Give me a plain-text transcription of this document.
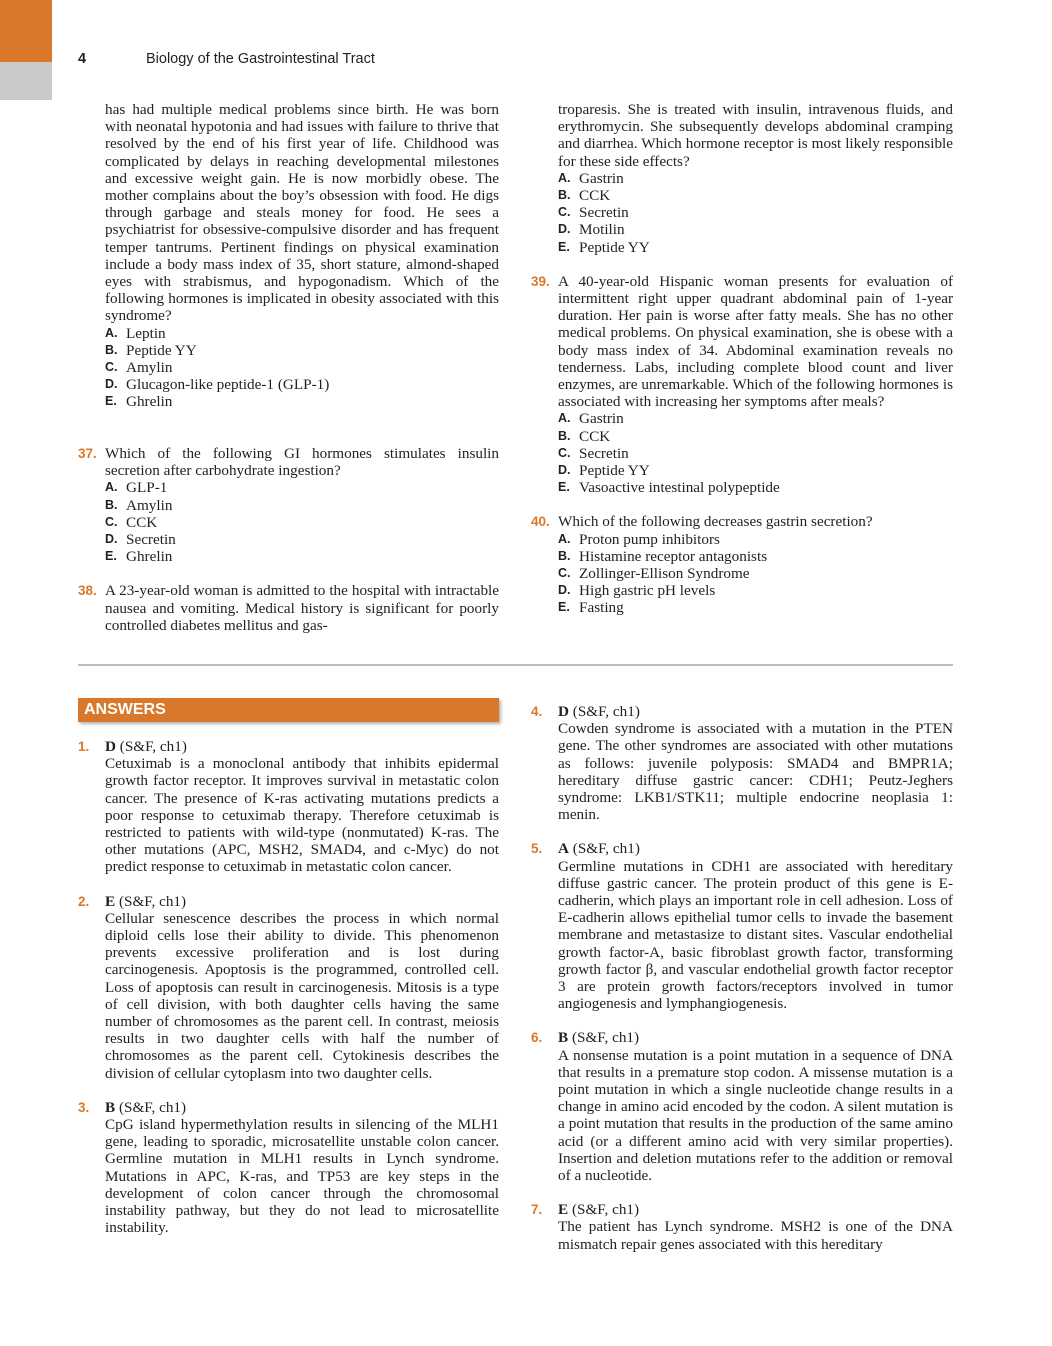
4	Biology of the Gastrointestinal Tract

has had multiple medical problems since birth. He was born with neonatal hypotonia and had issues with failure to thrive that resolved by the end of his first year of life. Childhood was complicated by delays in reaching developmental milestones and excessive weight gain. He is now morbidly obese. The mother complains about the boy’s obsession with food. He digs through garbage and steals money for food. He sees a psychiatrist for obsessive-compulsive disorder and has frequent temper tantrums. Pertinent findings on physical examination include a body mass index of 35, short stature, almond-shaped eyes with strabismus, and hypogonadism. Which of the following hormones is implicated in obesity associated with this syndrome?

A. Leptin
B. Peptide YY
C. Amylin
D. Glucagon-like peptide-1 (GLP-1)
E. Ghrelin
37. Which of the following GI hormones stimulates insulin secretion after carbohydrate ingestion?

A. GLP-1
B. Amylin
C. CCK
D. Secretin
E. Ghrelin
38. A 23-year-old woman is admitted to the hospital with intractable nausea and vomiting. Medical history is significant for poorly controlled diabetes mellitus and gas-

troparesis. She is treated with insulin, intravenous fluids, and erythromycin. She subsequently develops abdominal cramping and diarrhea. Which hormone receptor is most likely responsible for these side effects?

A. Gastrin
B. CCK
C. Secretin
D. Motilin
E. Peptide YY
39. A 40-year-old Hispanic woman presents for evaluation of intermittent right upper quadrant abdominal pain of 1-year duration. Her pain is worse after fatty meals. She has no other medical problems. On physical examination, she is obese with a body mass index of 34. Abdominal examination reveals no tenderness. Labs, including complete blood count and liver enzymes, are unremarkable. Which of the following hormones is associated with increasing her symptoms after meals?

A. Gastrin
B. CCK
C. Secretin
D. Peptide YY
E. Vasoactive intestinal polypeptide
40. Which of the following decreases gastrin secretion?

A. Proton pump inhibitors
B. Histamine receptor antagonists
C. Zollinger-Ellison Syndrome
D. High gastric pH levels
E. Fasting
ANSWERS
1. D (S&F, ch1)

Cetuximab is a monoclonal antibody that inhibits epidermal growth factor receptor. It improves survival in metastatic colon cancer. The presence of K-ras activating mutations predicts a poor response to cetuximab therapy. Therefore cetuximab is restricted to patients with wild-type (nonmutated) K-ras. The other mutations (APC, MSH2, SMAD4, and c-Myc) do not predict response to cetuximab in metastatic colon cancer.

2. E (S&F, ch1)

Cellular senescence describes the process in which normal diploid cells lose their ability to divide. This phenomenon prevents excessive proliferation and is lost during carcinogenesis. Apoptosis is the programmed, controlled cell. Loss of apoptosis can result in carcinogenesis. Mitosis is a type of cell division, with both daughter cells having the same number of chromosomes as the parent cell. In contrast, meiosis results in two daughter cells with half the number of chromosomes as the parent cell. Cytokinesis describes the division of cellular cytoplasm into two daughter cells.

3. B (S&F, ch1)

CpG island hypermethylation results in silencing of the MLH1 gene, leading to sporadic, microsatellite unstable colon cancer. Germline mutation in MLH1 results in Lynch syndrome. Mutations in APC, K-ras, and TP53 are key steps in the development of colon cancer through the chromosomal instability pathway, but they do not lead to microsatellite instability.

4. D (S&F, ch1)

Cowden syndrome is associated with a mutation in the PTEN gene. The other syndromes are associated with other mutations as follows: juvenile polyposis: SMAD4 and BMPR1A; hereditary diffuse gastric cancer: CDH1; Peutz-Jeghers syndrome: LKB1/STK11; multiple endocrine neoplasia 1: menin.

5. A (S&F, ch1)

Germline mutations in CDH1 are associated with hereditary diffuse gastric cancer. The protein product of this gene is E-cadherin, which plays an important role in cell adhesion. Loss of E-cadherin allows epithelial tumor cells to invade the basement membrane and metastasize to distant sites. Vascular endothelial growth factor-A, basic fibroblast growth factor, transforming growth factor β, and vascular endothelial growth factor receptor 3 are protein growth factors/receptors involved in tumor angiogenesis and lymphangiogenesis.

6. B (S&F, ch1)

A nonsense mutation is a point mutation in a sequence of DNA that results in a premature stop codon. A missense mutation is a point mutation in which a single nucleotide change results in a change in amino acid encoded by the codon. A silent mutation is a point mutation that results in the production of the same amino acid (or a different amino acid with very similar properties). Insertion and deletion mutations refer to the addition or removal of a nucleotide.

7. E (S&F, ch1)

The patient has Lynch syndrome. MSH2 is one of the DNA mismatch repair genes associated with this hereditary
